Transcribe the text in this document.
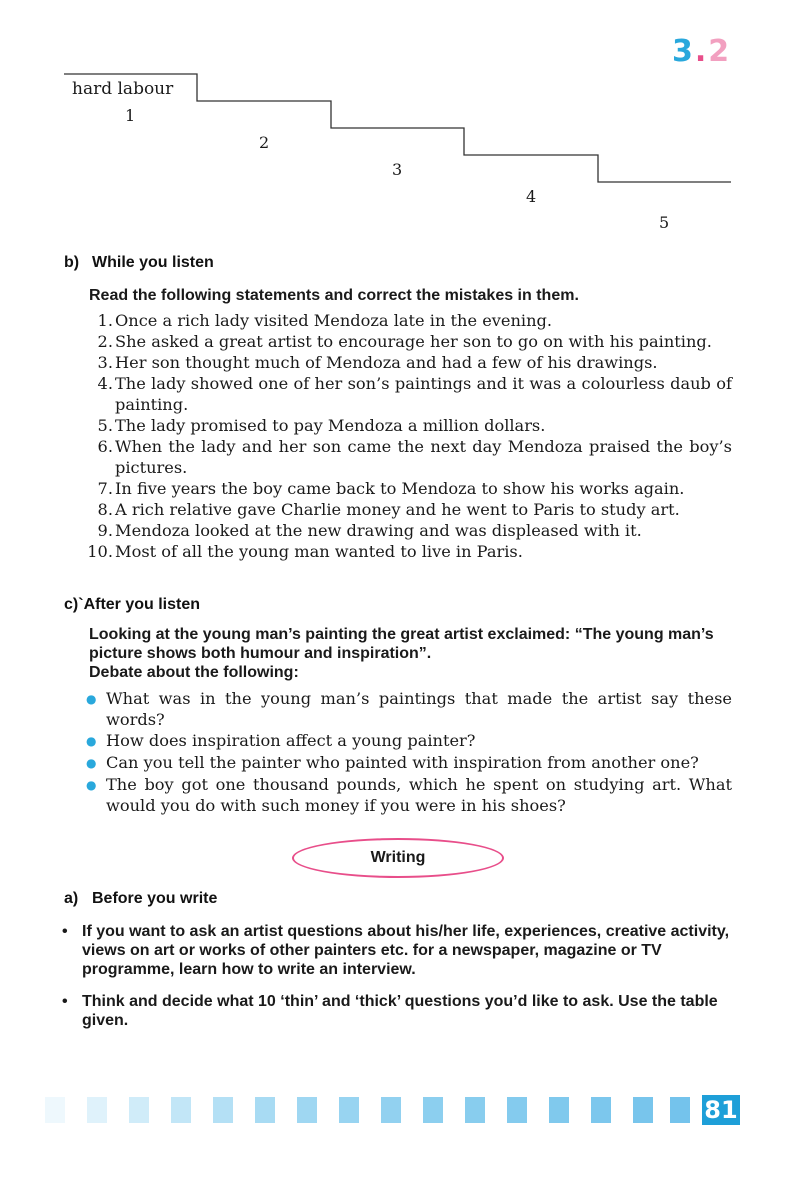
3.2
hard labour
1
2
3
4
5
b) While you listen
Read the following statements and correct the mistakes in them.
1. Once a rich lady visited Mendoza late in the evening.
2. She asked a great artist to encourage her son to go on with his painting.
3. Her son thought much of Mendoza and had a few of his drawings.
4. The lady showed one of her son’s paintings and it was a colourless daub of painting.
5. The lady promised to pay Mendoza a million dollars.
6. When the lady and her son came the next day Mendoza praised the boy’s pictures.
7. In five years the boy came back to Mendoza to show his works again.
8. A rich relative gave Charlie money and he went to Paris to study art.
9. Mendoza looked at the new drawing and was displeased with it.
10. Most of all the young man wanted to live in Paris.
c)`After you listen
Looking at the young man’s painting the great artist exclaimed: “The young man’s picture shows both humour and inspiration”.
Debate about the following:
● What was in the young man’s paintings that made the artist say these words?
● How does inspiration affect a young painter?
● Can you tell the painter who painted with inspiration from another one?
● The boy got one thousand pounds, which he spent on studying art. What would you do with such money if you were in his shoes?
Writing
a) Before you write
• If you want to ask an artist questions about his/her life, experiences, creative activity, views on art or works of other painters etc. for a newspaper, magazine or TV programme, learn how to write an interview.
• Think and decide what 10 ‘thin’ and ‘thick’ questions you’d like to ask. Use the table given.
81
